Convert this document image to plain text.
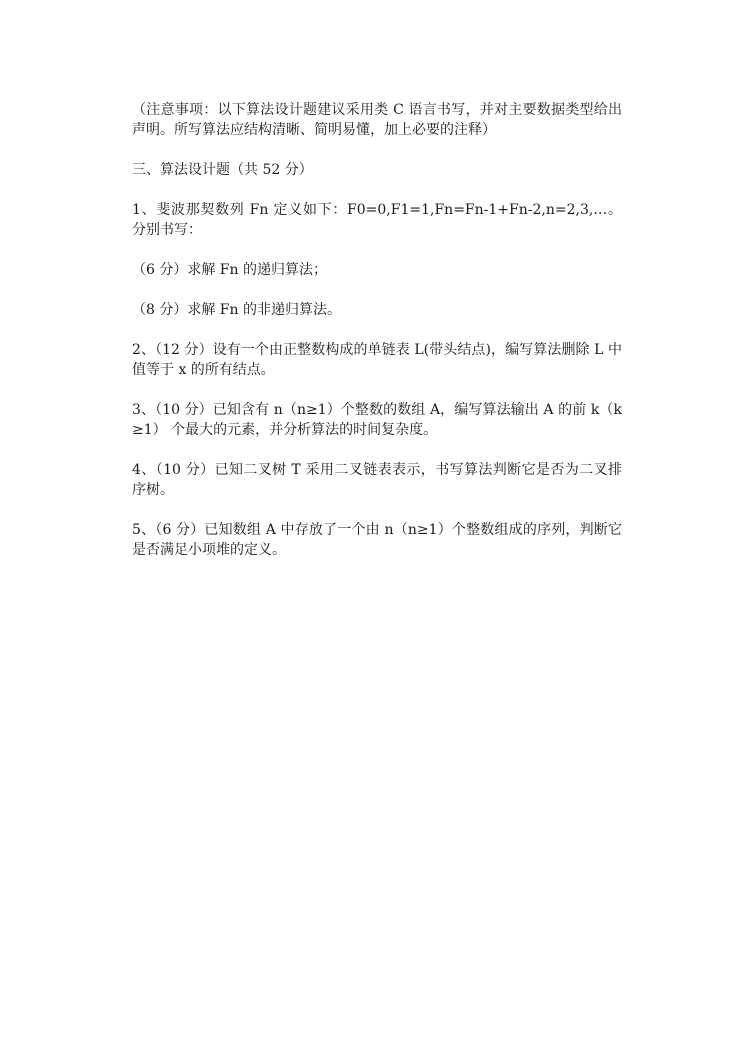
（注意事项：以下算法设计题建议采用类 C 语言书写，并对主要数据类型给出声明。所写算法应结构清晰、简明易懂，加上必要的注释）

三、算法设计题（共 52 分）

1、斐波那契数列 Fn 定义如下：F0=0,F1=1,Fn=Fn-1+Fn-2,n=2,3,…。分别书写：

（6 分）求解 Fn 的递归算法；

（8 分）求解 Fn 的非递归算法。

2、（12 分）设有一个由正整数构成的单链表 L(带头结点)，编写算法删除 L 中值等于 x 的所有结点。

3、（10 分）已知含有 n（n≥1）个整数的数组 A，编写算法输出 A 的前 k（k≥1） 个最大的元素，并分析算法的时间复杂度。

4、（10 分）已知二叉树 T 采用二叉链表表示，书写算法判断它是否为二叉排序树。

5、（6 分）已知数组 A 中存放了一个由 n（n≥1）个整数组成的序列，判断它是否满足小项堆的定义。
